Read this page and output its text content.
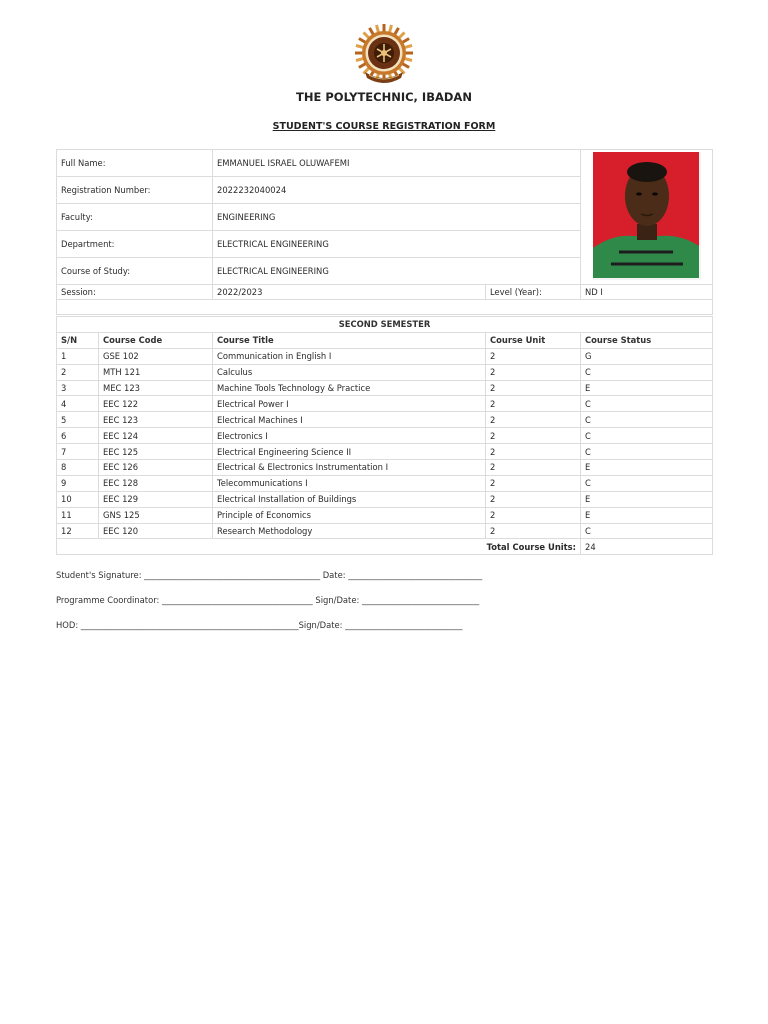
THE POLYTECHNIC, IBADAN
STUDENT'S COURSE REGISTRATION FORM
Full Name:	EMMANUEL ISRAEL OLUWAFEMI	

Registration Number:	2022232040024		
Faculty:	ENGINEERING		
Department:	ELECTRICAL ENGINEERING		
Course of Study:	ELECTRICAL ENGINEERING		
Session:	2022/2023	Level (Year):	ND I

SECOND SEMESTER				
S/N	Course Code	Course Title	Course Unit	Course Status
1	GSE 102	Communication in English I	2	G
2	MTH 121	Calculus	2	C
3	MEC 123	Machine Tools Technology & Practice	2	E
4	EEC 122	Electrical Power I	2	C
5	EEC 123	Electrical Machines I	2	C
6	EEC 124	Electronics I	2	C
7	EEC 125	Electrical Engineering Science II	2	C
8	EEC 126	Electrical & Electronics Instrumentation I	2	E
9	EEC 128	Telecommunications I	2	C
10	EEC 129	Electrical Installation of Buildings	2	E
11	GNS 125	Principle of Economics	2	E
12	EEC 120	Research Methodology	2	C
Total Course Units:				24
Student's Signature: __________________________________________ Date: ________________________________
Programme Coordinator: ____________________________________ Sign/Date: ____________________________
HOD: ____________________________________________________Sign/Date: ____________________________
